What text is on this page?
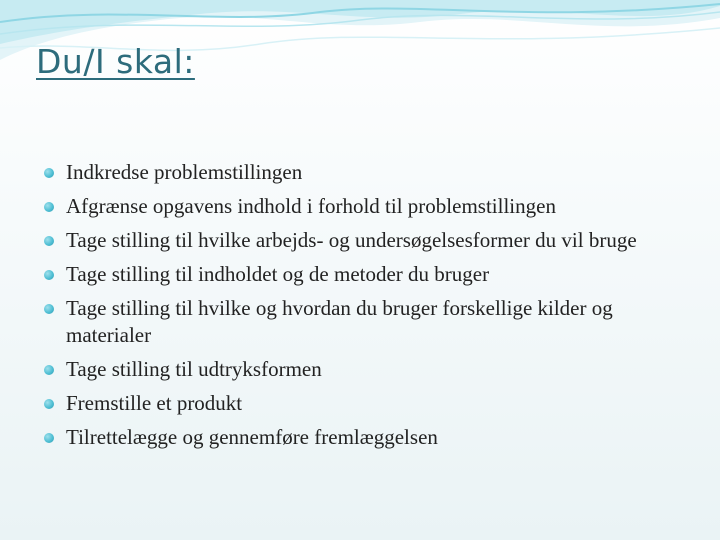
Du/I skal:
Indkredse problemstillingen
Afgrænse opgavens indhold i forhold til problemstillingen
Tage stilling til hvilke arbejds- og undersøgelsesformer du vil bruge
Tage stilling til indholdet og de metoder du bruger
Tage stilling til hvilke og hvordan du bruger forskellige kilder og materialer
Tage stilling til udtryksformen
Fremstille et produkt
Tilrettelægge og gennemføre fremlæggelsen
